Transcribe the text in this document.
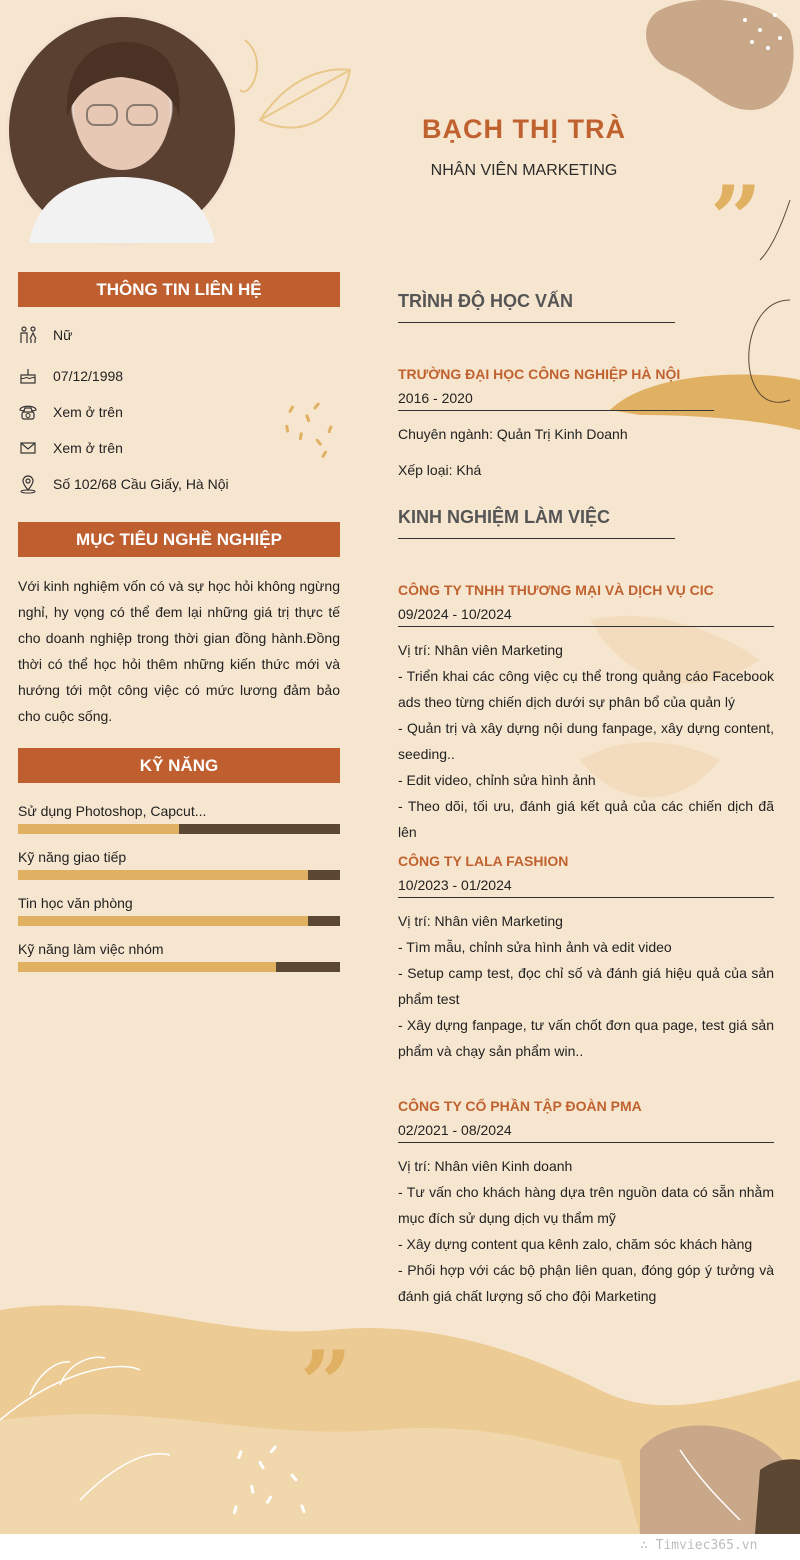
”
”
BẠCH THỊ TRÀ
NHÂN VIÊN MARKETING
THÔNG TIN LIÊN HỆ
Nữ
07/12/1998
Xem ở trên
Xem ở trên
Số 102/68 Cầu Giấy, Hà Nội
MỤC TIÊU NGHỀ NGHIỆP

Với kinh nghiệm vốn có và sự học hỏi không ngừng nghỉ, hy vọng có thể đem lại những giá trị thực tế cho doanh nghiệp trong thời gian đồng hành.Đồng thời có thể học hỏi thêm những kiến thức mới và hướng tới một công việc có mức lương đảm bảo cho cuộc sống.

KỸ NĂNG
Sử dụng Photoshop, Capcut...
Kỹ năng giao tiếp
Tin học văn phòng
Kỹ năng làm việc nhóm
TRÌNH ĐỘ HỌC VẤN
TRƯỜNG ĐẠI HỌC CÔNG NGHIỆP HÀ NỘI
2016 - 2020
Chuyên ngành: Quản Trị Kinh Doanh
Xếp loại: Khá
KINH NGHIỆM LÀM VIỆC
CÔNG TY TNHH THƯƠNG MẠI VÀ DỊCH VỤ CIC
09/2024 - 10/2024
Vị trí: Nhân viên Marketing
- Triển khai các công việc cụ thể trong quảng cáo Facebook ads theo từng chiến dịch dưới sự phân bổ của quản lý
- Quản trị và xây dựng nội dung fanpage, xây dựng content, seeding..
- Edit video, chỉnh sửa hình ảnh
- Theo dõi, tối ưu, đánh giá kết quả của các chiến dịch đã lên
CÔNG TY LALA FASHION
10/2023 - 01/2024
Vị trí: Nhân viên Marketing
- Tìm mẫu, chỉnh sửa hình ảnh và edit video
- Setup camp test, đọc chỉ số và đánh giá hiệu quả của sản phẩm test
- Xây dựng fanpage, tư vấn chốt đơn qua page, test giá sản phẩm và chạy sản phẩm win..
CÔNG TY CỔ PHẦN TẬP ĐOÀN PMA
02/2021 - 08/2024
Vị trí: Nhân viên Kinh doanh
- Tư vấn cho khách hàng dựa trên nguồn data có sẵn nhằm mục đích sử dụng dịch vụ thẩm mỹ
- Xây dựng content qua kênh zalo, chăm sóc khách hàng
- Phối hợp với các bộ phận liên quan, đóng góp ý tưởng và đánh giá chất lượng số cho đội Marketing
∴ Timviec365.vn
